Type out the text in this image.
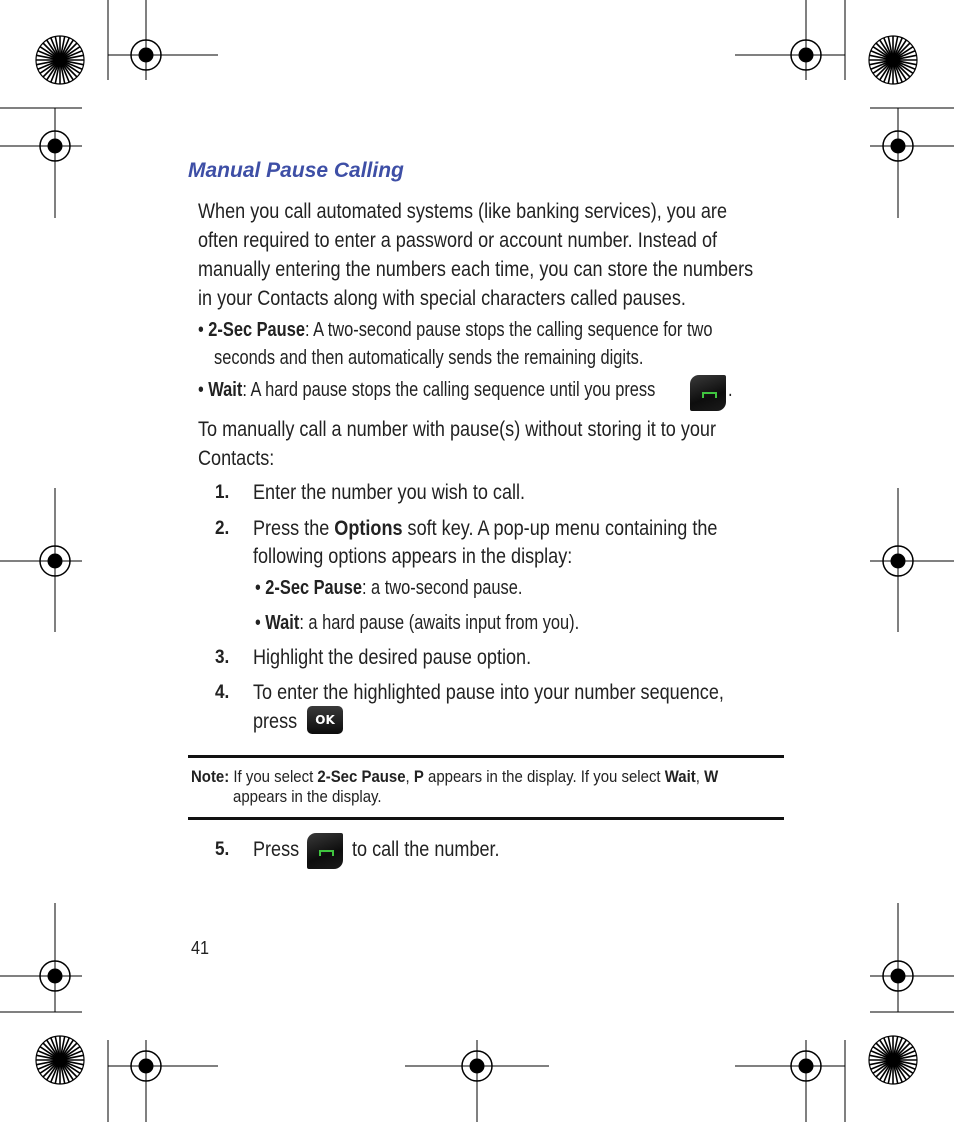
Manual Pause Calling
When you call automated systems (like banking services), you are
often required to enter a password or account number. Instead of
manually entering the numbers each time, you can store the numbers
in your Contacts along with special characters called pauses.
• 2-Sec Pause: A two-second pause stops the calling sequence for two
seconds and then automatically sends the remaining digits.
• Wait: A hard pause stops the calling sequence until you press	.
To manually call a number with pause(s) without storing it to your
Contacts:
1. Enter the number you wish to call.
2. Press the Options soft key. A pop-up menu containing the
following options appears in the display:
• 2-Sec Pause: a two-second pause.
• Wait: a hard pause (awaits input from you).
3. Highlight the desired pause option.
4. To enter the highlighted pause into your number sequence,
press	OK
Note: If you select 2-Sec Pause, P appears in the display. If you select Wait, W
appears in the display.
5. Press	to call the number.
41
